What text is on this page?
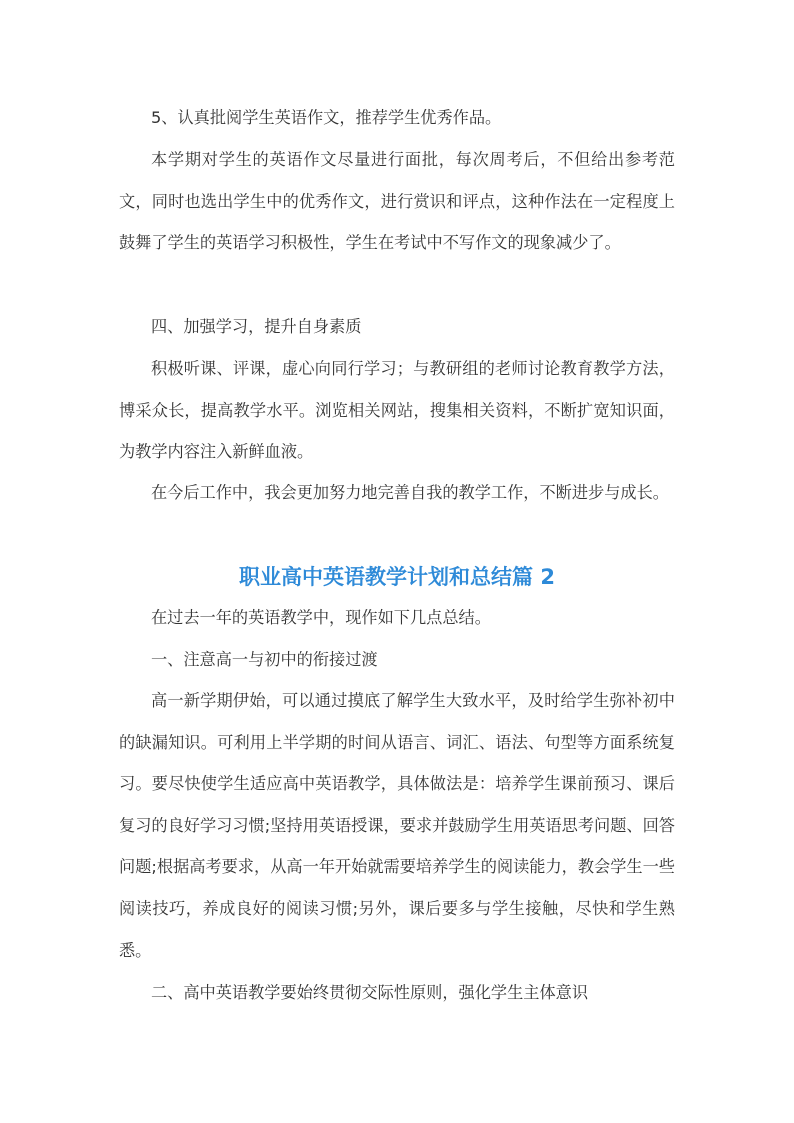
5、认真批阅学生英语作文，推荐学生优秀作品。

本学期对学生的英语作文尽量进行面批，每次周考后，不但给出参考范文，同时也选出学生中的优秀作文，进行赏识和评点，这种作法在一定程度上鼓舞了学生的英语学习积极性，学生在考试中不写作文的现象减少了。

四、加强学习，提升自身素质

积极听课、评课，虚心向同行学习；与教研组的老师讨论教育教学方法，博采众长，提高教学水平。浏览相关网站，搜集相关资料，不断扩宽知识面，为教学内容注入新鲜血液。

在今后工作中，我会更加努力地完善自我的教学工作，不断进步与成长。

职业高中英语教学计划和总结篇 2

在过去一年的英语教学中，现作如下几点总结。

一、注意高一与初中的衔接过渡

高一新学期伊始，可以通过摸底了解学生大致水平，及时给学生弥补初中的缺漏知识。可利用上半学期的时间从语言、词汇、语法、句型等方面系统复习。要尽快使学生适应高中英语教学，具体做法是：培养学生课前预习、课后复习的良好学习习惯;坚持用英语授课，要求并鼓励学生用英语思考问题、回答问题;根据高考要求，从高一年开始就需要培养学生的阅读能力，教会学生一些阅读技巧，养成良好的阅读习惯;另外，课后要多与学生接触，尽快和学生熟悉。

二、高中英语教学要始终贯彻交际性原则，强化学生主体意识
